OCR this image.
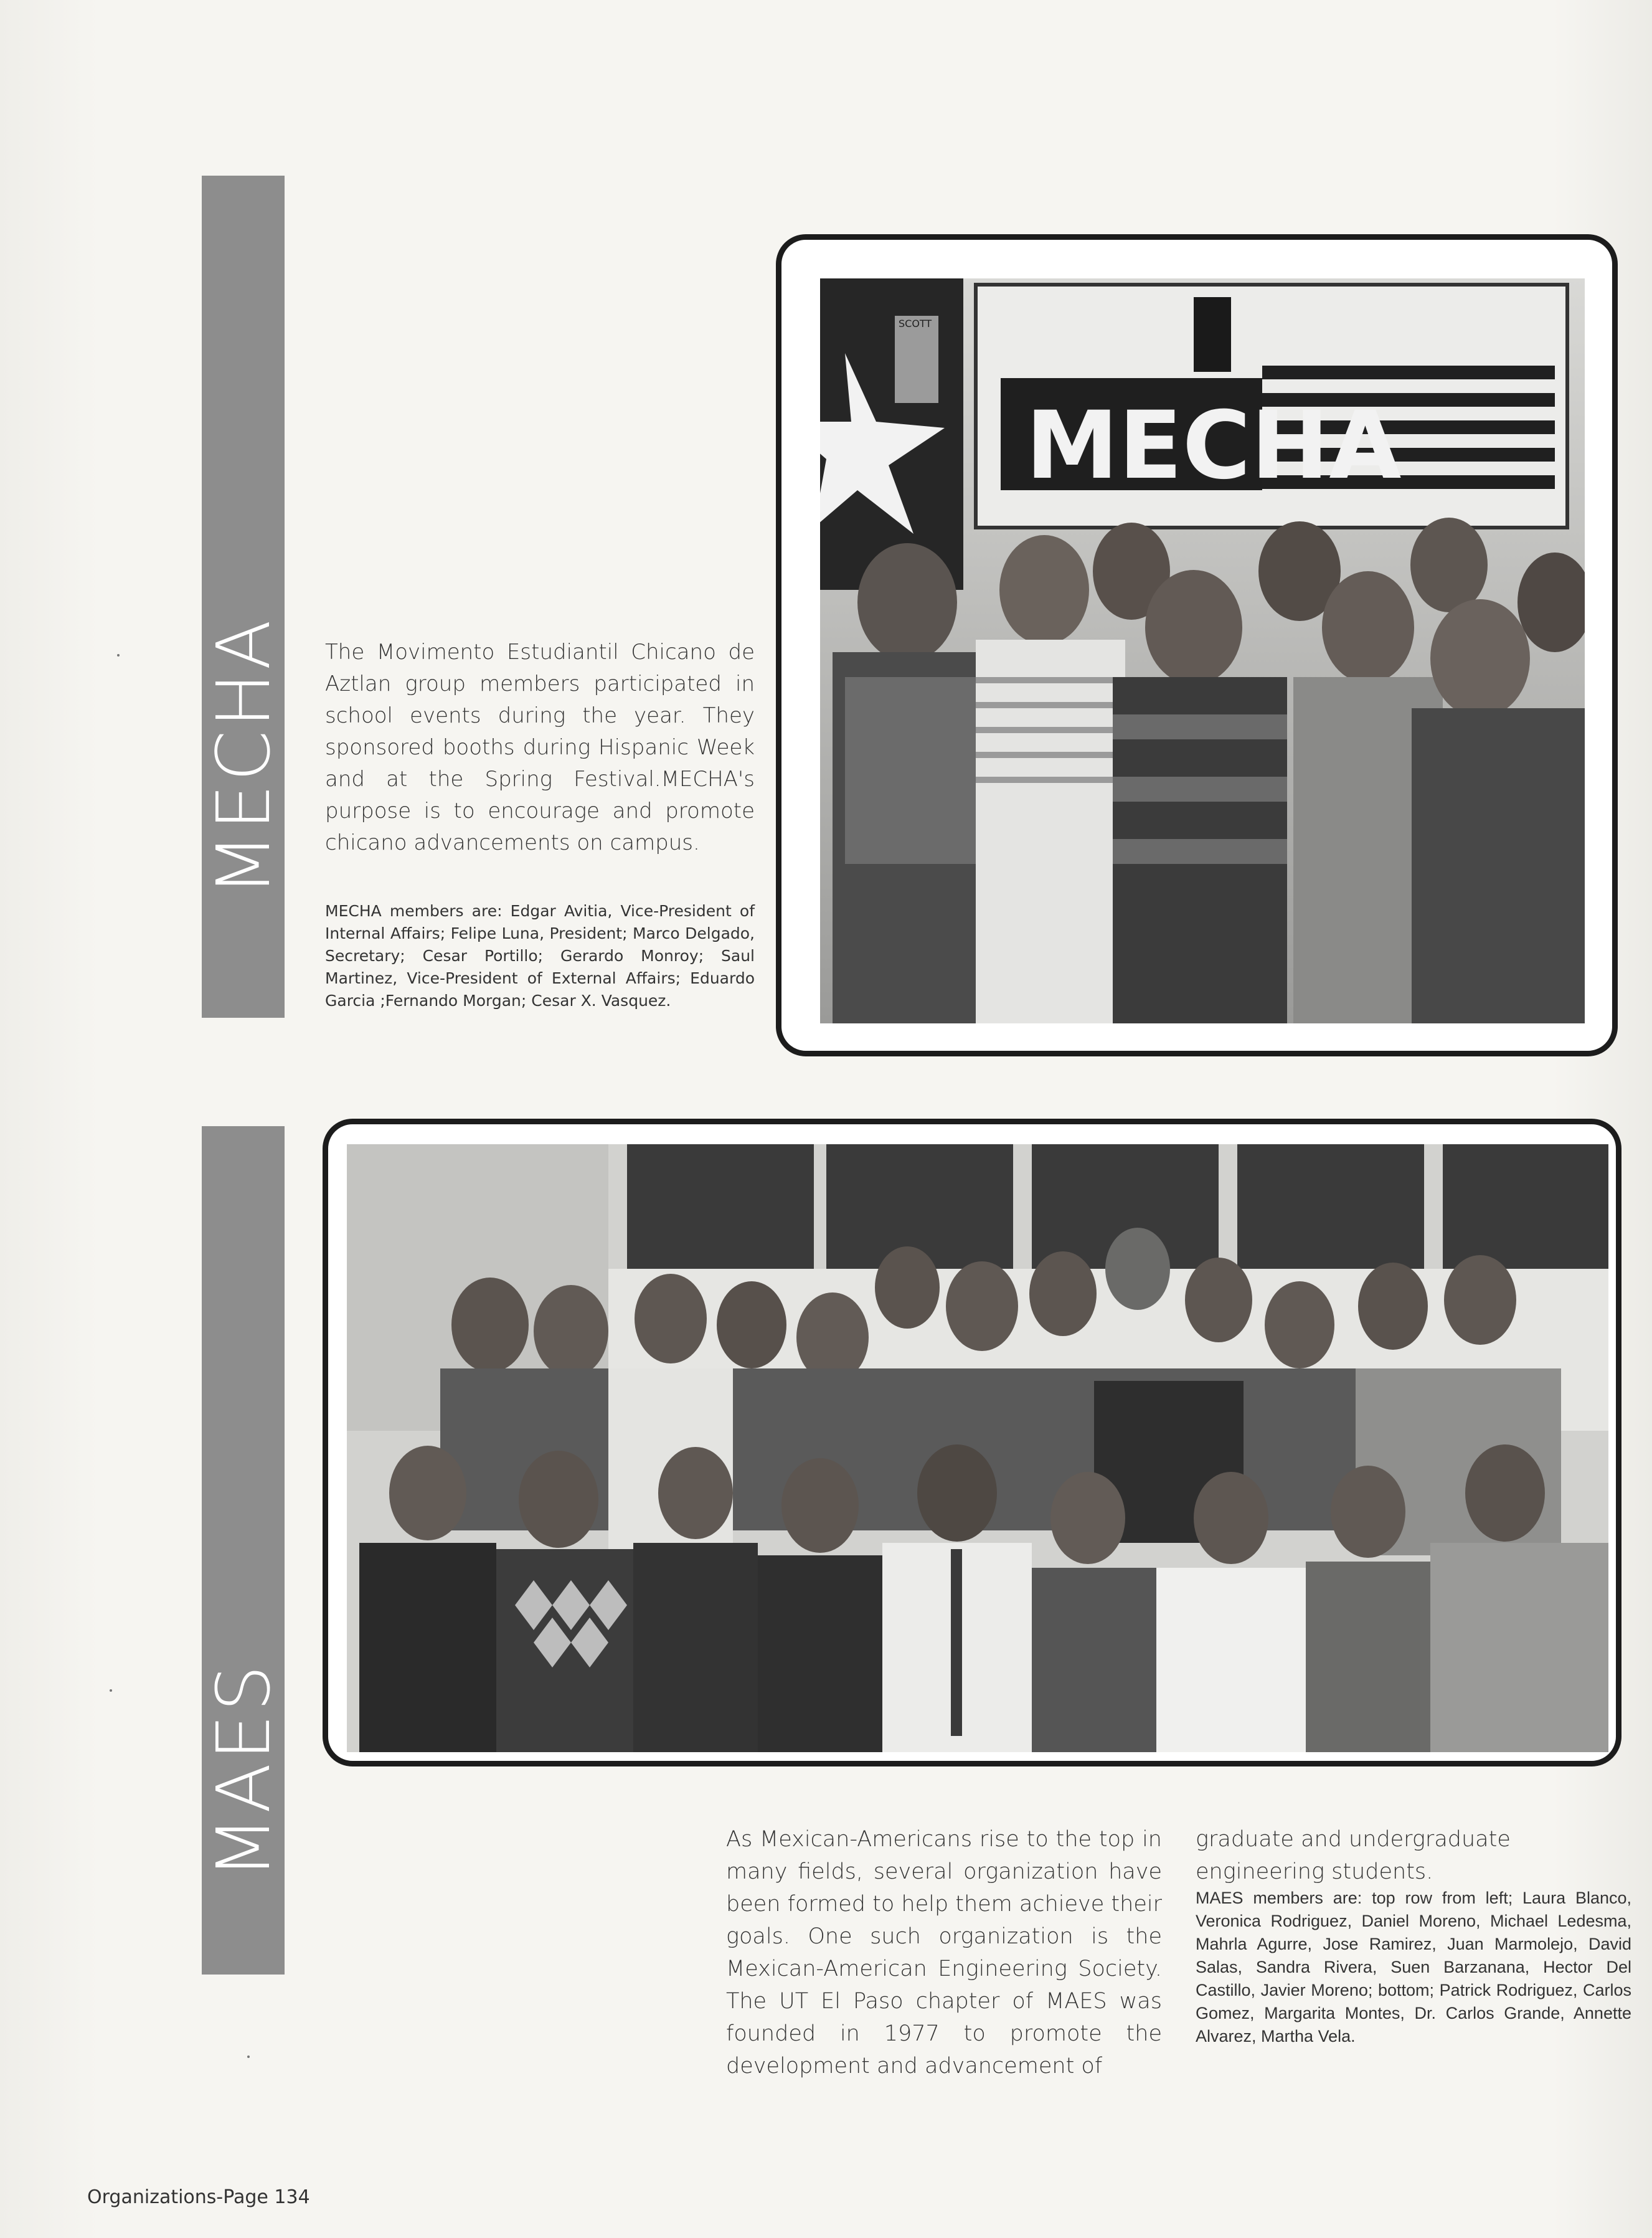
MECHA
SCOTT
MECHA

The Movimento Estudiantil Chicano de Aztlan group members participated in school events during the year. They sponsored booths during Hispanic Week and at the Spring Festival.MECHA's purpose is to encourage and promote chicano advancements on campus.

MECHA members are: Edgar Avitia, Vice-President of Internal Affairs; Felipe Luna, President; Marco Delgado, Secretary; Cesar Portillo; Gerardo Monroy; Saul Martinez, Vice-President of External Affairs; Eduardo Garcia ;Fernando Morgan; Cesar X. Vasquez.

MAES	As Mexican-Americans rise to the top in many fields, several organization have been formed to help them achieve their goals. One such organization is the Mexican-American Engineering Society. The UT El Paso chapter of MAES was founded in 1977 to promote the development and advancement of

graduate and undergraduate engineering students.

MAES members are: top row from left; Laura Blanco, Veronica Rodriguez, Daniel Moreno, Michael Ledesma, Mahrla Agurre, Jose Ramirez, Juan Marmolejo, David Salas, Sandra Rivera, Suen Barzanana, Hector Del Castillo, Javier Moreno; bottom; Patrick Rodriguez, Carlos Gomez, Margarita Montes, Dr. Carlos Grande, Annette Alvarez, Martha Vela.

Organizations-Page 134
